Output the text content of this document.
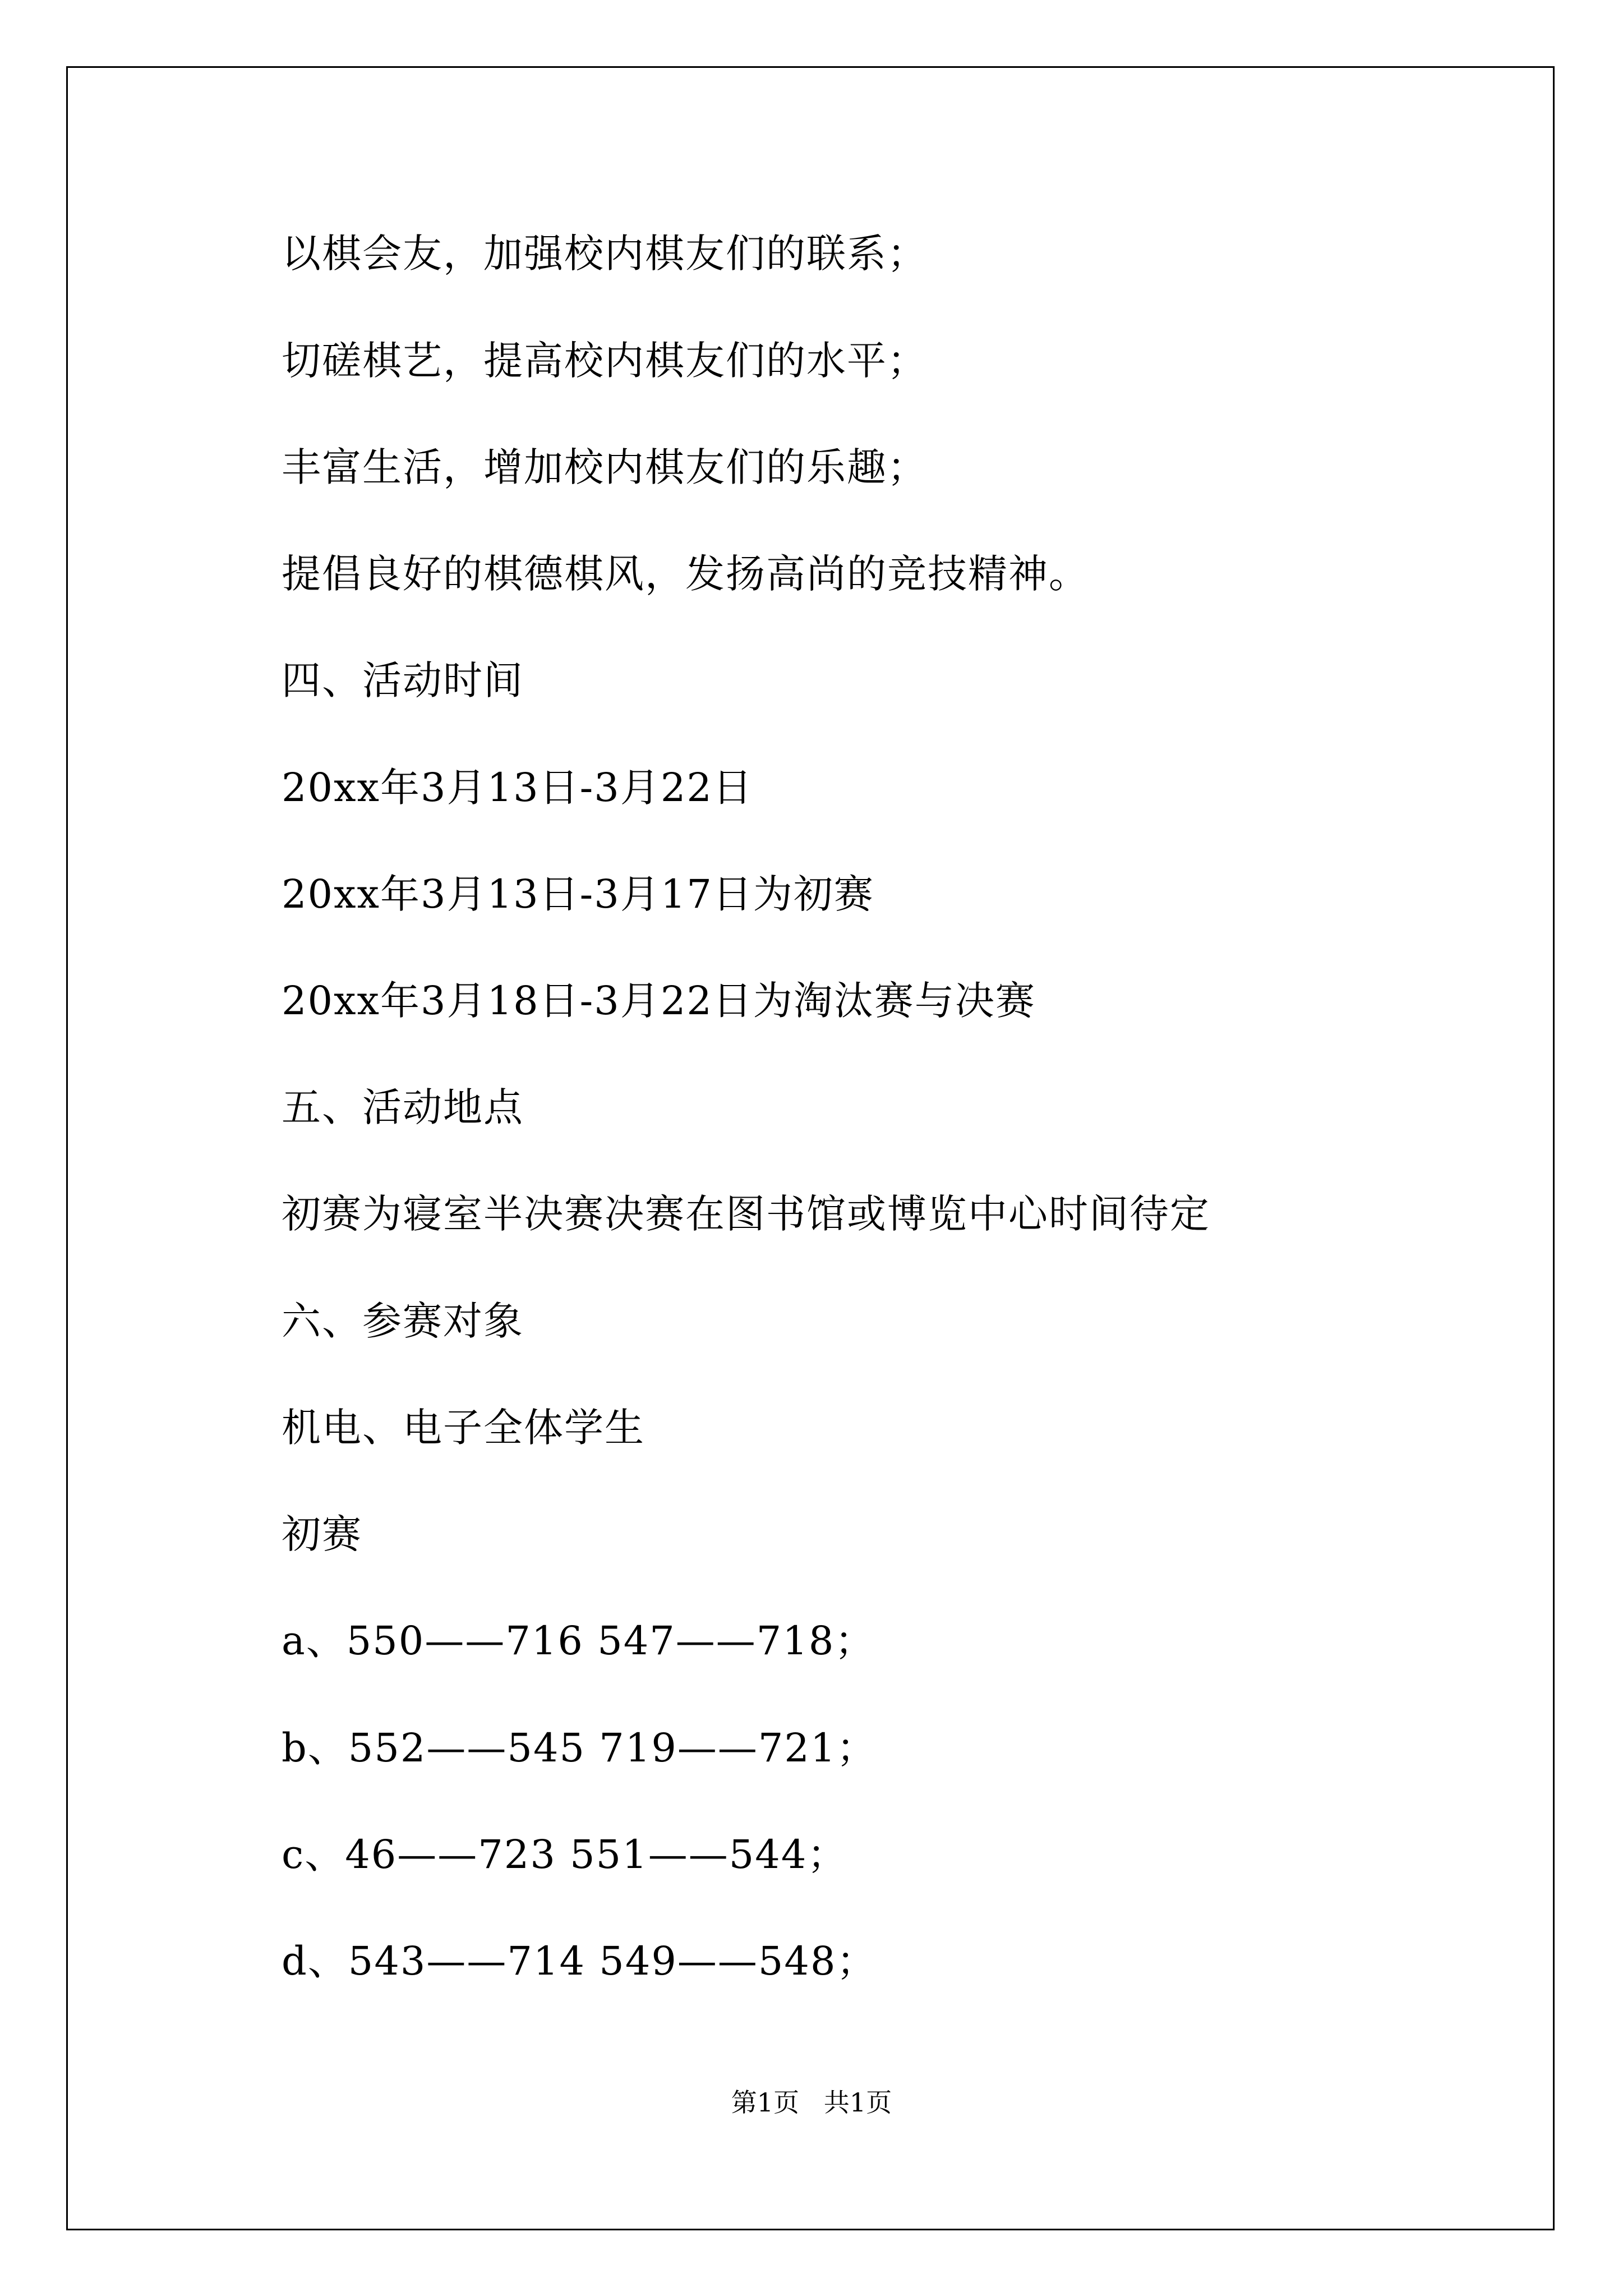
以棋会友，加强校内棋友们的联系；
切磋棋艺，提高校内棋友们的水平；
丰富生活，增加校内棋友们的乐趣；
提倡良好的棋德棋风，发扬高尚的竞技精神。
四、活动时间
20xx年3月13日-3月22日
20xx年3月13日-3月17日为初赛
20xx年3月18日-3月22日为淘汰赛与决赛
五、活动地点
初赛为寝室半决赛决赛在图书馆或博览中心时间待定
六、参赛对象
机电、电子全体学生
初赛
a、550——716 547——718；
b、552——545 719——721；
c、46——723 551——544；
d、543——714 549——548；
第1页   共1页
